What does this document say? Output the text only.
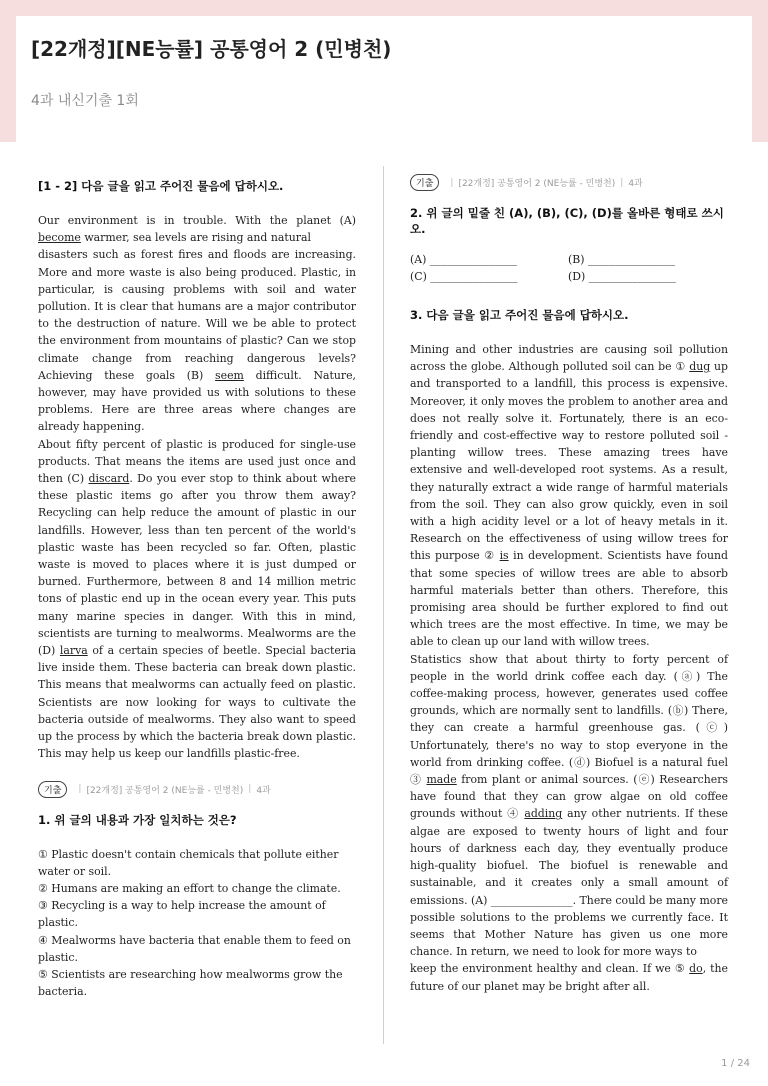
[22개정][NE능률] 공통영어 2 (민병천)
4과 내신기출 1회

[1 - 2] 다음 글을 읽고 주어진 물음에 답하시오.

Our environment is in trouble. With the planet (A) become warmer, sea levels are rising and natural

disasters such as forest fires and floods are increasing. More and more waste is also being produced. Plastic, in particular, is causing problems with soil and water pollution. It is clear that humans are a major contributor to the destruction of nature. Will we be able to protect the environment from mountains of plastic? Can we stop climate change from reaching dangerous levels? Achieving these goals (B) seem difficult. Nature, however, may have provided us with solutions to these problems. Here are three areas where changes are already happening.

About fifty percent of plastic is produced for single-use products. That means the items are used just once and then (C) discard. Do you ever stop to think about where these plastic items go after you throw them away? Recycling can help reduce the amount of plastic in our landfills. However, less than ten percent of the world's plastic waste has been recycled so far. Often, plastic waste is moved to places where it is just dumped or burned. Furthermore, between 8 and 14 million metric tons of plastic end up in the ocean every year. This puts many marine species in danger. With this in mind, scientists are turning to mealworms. Mealworms are the (D) larva of a certain species of beetle. Special bacteria live inside them. These bacteria can break down plastic. This means that mealworms can actually feed on plastic. Scientists are now looking for ways to cultivate the bacteria outside of mealworms. They also want to speed up the process by which the bacteria break down plastic. This may help us keep our landfills plastic-free.

기출	| [22개정] 공통영어 2 (NE능률 - 민병천) | 4과

1. 위 글의 내용과 가장 일치하는 것은?

① Plastic doesn't contain chemicals that pollute either water or soil.

② Humans are making an effort to change the climate.

③ Recycling is a way to help increase the amount of plastic.

④ Mealworms have bacteria that enable them to feed on plastic.

⑤ Scientists are researching how mealworms grow the bacteria.

기출	| [22개정] 공통영어 2 (NE능률 - 민병천) | 4과

2. 위 글의 밑줄 친 (A), (B), (C), (D)를 올바른 형태로 쓰시오.

(A) ________________	(B) ________________
(C) ________________	(D) ________________

3. 다음 글을 읽고 주어진 물음에 답하시오.

Mining and other industries are causing soil pollution across the globe. Although polluted soil can be ① dug up and transported to a landfill, this process is expensive. Moreover, it only moves the problem to another area and does not really solve it. Fortunately, there is an eco-friendly and cost-effective way to restore polluted soil - planting willow trees. These amazing trees have extensive and well-developed root systems. As a result, they naturally extract a wide range of harmful materials from the soil. They can also grow quickly, even in soil with a high acidity level or a lot of heavy metals in it. Research on the effectiveness of using willow trees for this purpose ② is in development. Scientists have found that some species of willow trees are able to absorb harmful materials better than others. Therefore, this promising area should be further explored to find out which trees are the most effective. In time, we may be able to clean up our land with willow trees.

Statistics show that about thirty to forty percent of people in the world drink coffee each day. (ⓐ) The coffee-making process, however, generates used coffee grounds, which are normally sent to landfills. (ⓑ) There, they can create a harmful greenhouse gas. (ⓒ) Unfortunately, there's no way to stop everyone in the world from drinking coffee. (ⓓ) Biofuel is a natural fuel ③ made from plant or animal sources. (ⓔ) Researchers have found that they can grow algae on old coffee grounds without ④ adding any other nutrients. If these algae are exposed to twenty hours of light and four hours of darkness each day, they eventually produce high-quality biofuel. The biofuel is renewable and sustainable, and it creates only a small amount of emissions. (A) _______________. There could be many more possible solutions to the problems we currently face. It seems that Mother Nature has given us one more chance. In return, we need to look for more ways to

keep the environment healthy and clean. If we ⑤ do, the future of our planet may be bright after all.

1 / 24
